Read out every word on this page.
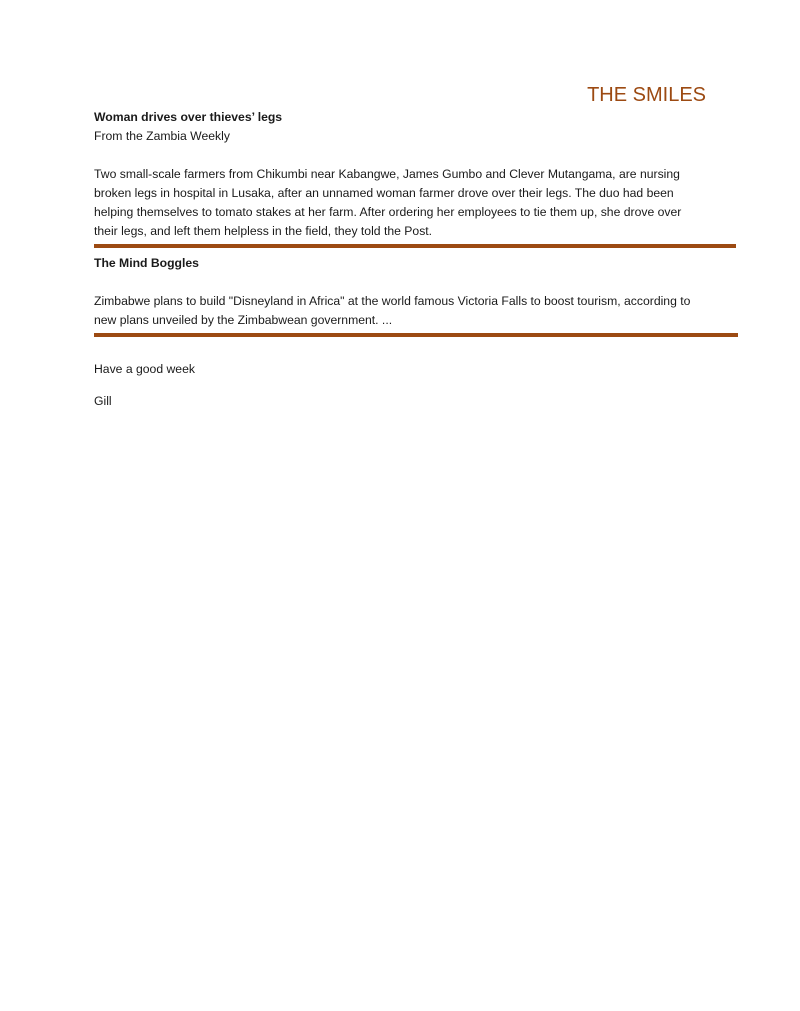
THE SMILES

Woman drives over thieves’ legs

From the Zambia Weekly

Two small-scale farmers from Chikumbi near Kabangwe, James Gumbo and Clever Mutangama, are nursing broken legs in hospital in Lusaka, after an unnamed woman farmer drove over their legs. The duo had been helping themselves to tomato stakes at her farm. After ordering her employees to tie them up, she drove over their legs, and left them helpless in the field, they told the Post.

The Mind Boggles

Zimbabwe plans to build "Disneyland in Africa" at the world famous Victoria Falls to boost tourism, according to new plans unveiled by the Zimbabwean government. ...

Have a good week

Gill
